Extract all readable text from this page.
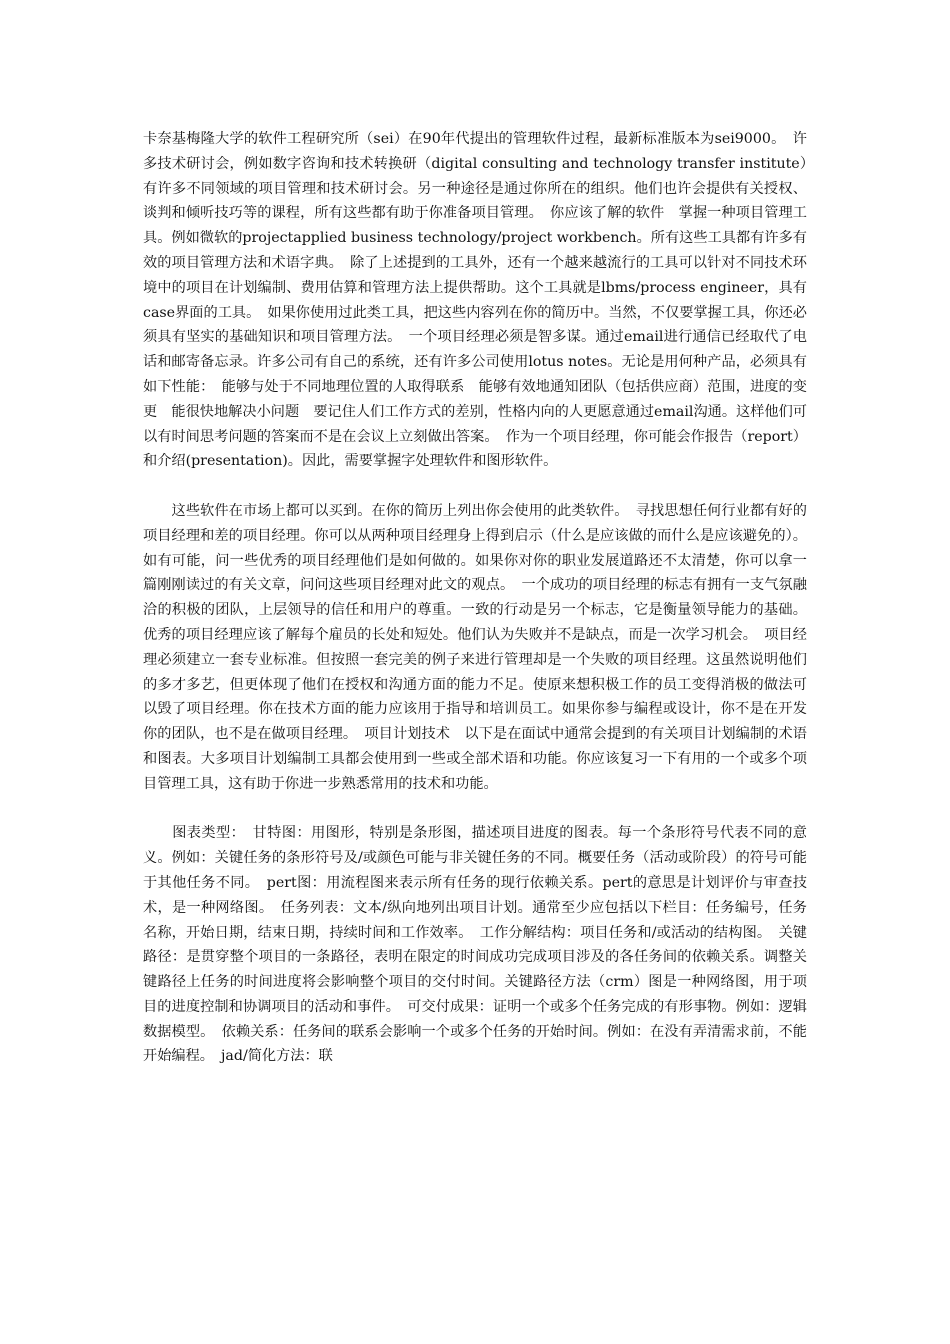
卡奈基梅隆大学的软件工程研究所（sei）在90年代提出的管理软件过程，最新标准版本为sei9000。　许多技术研讨会，例如数字咨询和技术转换研（digital consulting and technology transfer institute）有许多不同领域的项目管理和技术研讨会。另一种途径是通过你所在的组织。他们也许会提供有关授权、谈判和倾听技巧等的课程，所有这些都有助于你准备项目管理。　你应该了解的软件　掌握一种项目管理工具。例如微软的projectapplied business technology/project workbench。所有这些工具都有许多有效的项目管理方法和术语字典。　除了上述提到的工具外，还有一个越来越流行的工具可以针对不同技术环境中的项目在计划编制、费用估算和管理方法上提供帮助。这个工具就是lbms/process engineer，具有case界面的工具。　如果你使用过此类工具，把这些内容列在你的简历中。当然，不仅要掌握工具，你还必须具有坚实的基础知识和项目管理方法。　一个项目经理必须是智多谋。通过email进行通信已经取代了电话和邮寄备忘录。许多公司有自己的系统，还有许多公司使用lotus notes。无论是用何种产品，必须具有如下性能：　能够与处于不同地理位置的人取得联系　能够有效地通知团队（包括供应商）范围，进度的变更　能很快地解决小问题　要记住人们工作方式的差别，性格内向的人更愿意通过email沟通。这样他们可以有时间思考问题的答案而不是在会议上立刻做出答案。　作为一个项目经理，你可能会作报告（report）和介绍(presentation)。因此，需要掌握字处理软件和图形软件。

　　这些软件在市场上都可以买到。在你的简历上列出你会使用的此类软件。　寻找思想任何行业都有好的项目经理和差的项目经理。你可以从两种项目经理身上得到启示（什么是应该做的而什么是应该避免的）。如有可能，问一些优秀的项目经理他们是如何做的。如果你对你的职业发展道路还不太清楚，你可以拿一篇刚刚读过的有关文章，问问这些项目经理对此文的观点。　一个成功的项目经理的标志有拥有一支气氛融洽的积极的团队，上层领导的信任和用户的尊重。一致的行动是另一个标志，它是衡量领导能力的基础。优秀的项目经理应该了解每个雇员的长处和短处。他们认为失败并不是缺点，而是一次学习机会。　项目经理必须建立一套专业标准。但按照一套完美的例子来进行管理却是一个失败的项目经理。这虽然说明他们的多才多艺，但更体现了他们在授权和沟通方面的能力不足。使原来想积极工作的员工变得消极的做法可以毁了项目经理。你在技术方面的能力应该用于指导和培训员工。如果你参与编程或设计，你不是在开发你的团队，也不是在做项目经理。　项目计划技术　以下是在面试中通常会提到的有关项目计划编制的术语和图表。大多项目计划编制工具都会使用到一些或全部术语和功能。你应该复习一下有用的一个或多个项目管理工具，这有助于你进一步熟悉常用的技术和功能。

　　图表类型：　甘特图：用图形，特别是条形图，描述项目进度的图表。每一个条形符号代表不同的意义。例如：关键任务的条形符号及/或颜色可能与非关键任务的不同。概要任务（活动或阶段）的符号可能于其他任务不同。　pert图：用流程图来表示所有任务的现行依赖关系。pert的意思是计划评价与审查技术，是一种网络图。　任务列表：文本/纵向地列出项目计划。通常至少应包括以下栏目：任务编号，任务名称，开始日期，结束日期，持续时间和工作效率。　工作分解结构：项目任务和/或活动的结构图。　关键路径：是贯穿整个项目的一条路径，表明在限定的时间成功完成项目涉及的各任务间的依赖关系。调整关键路径上任务的时间进度将会影响整个项目的交付时间。关键路径方法（crm）图是一种网络图，用于项目的进度控制和协调项目的活动和事件。　可交付成果：证明一个或多个任务完成的有形事物。例如：逻辑数据模型。　依赖关系：任务间的联系会影响一个或多个任务的开始时间。例如：在没有弄清需求前，不能开始编程。　jad/简化方法：联
